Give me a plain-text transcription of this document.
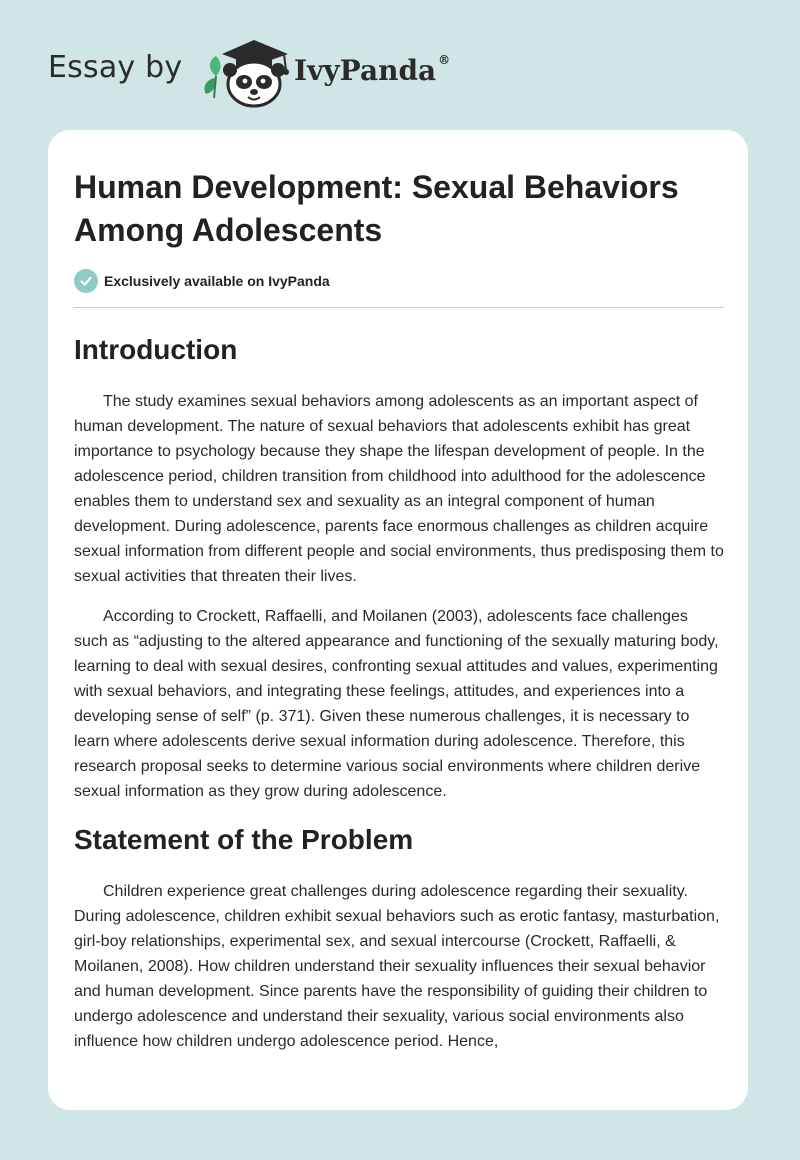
Essay by	IvyPanda ®
Human Development: Sexual Behaviors Among Adolescents
Exclusively available on IvyPanda
Introduction

The study examines sexual behaviors among adolescents as an important aspect of human development. The nature of sexual behaviors that adolescents exhibit has great importance to psychology because they shape the lifespan development of people. In the adolescence period, children transition from childhood into adulthood for the adolescence enables them to understand sex and sexuality as an integral component of human development. During adolescence, parents face enormous challenges as children acquire sexual information from different people and social environments, thus predisposing them to sexual activities that threaten their lives.

According to Crockett, Raffaelli, and Moilanen (2003), adolescents face challenges such as “adjusting to the altered appearance and functioning of the sexually maturing body, learning to deal with sexual desires, confronting sexual attitudes and values, experimenting with sexual behaviors, and integrating these feelings, attitudes, and experiences into a developing sense of self” (p. 371). Given these numerous challenges, it is necessary to learn where adolescents derive sexual information during adolescence. Therefore, this research proposal seeks to determine various social environments where children derive sexual information as they grow during adolescence.

Statement of the Problem

Children experience great challenges during adolescence regarding their sexuality. During adolescence, children exhibit sexual behaviors such as erotic fantasy, masturbation, girl-boy relationships, experimental sex, and sexual intercourse (Crockett, Raffaelli, & Moilanen, 2008). How children understand their sexuality influences their sexual behavior and human development. Since parents have the responsibility of guiding their children to undergo adolescence and understand their sexuality, various social environments also influence how children undergo adolescence period. Hence,
